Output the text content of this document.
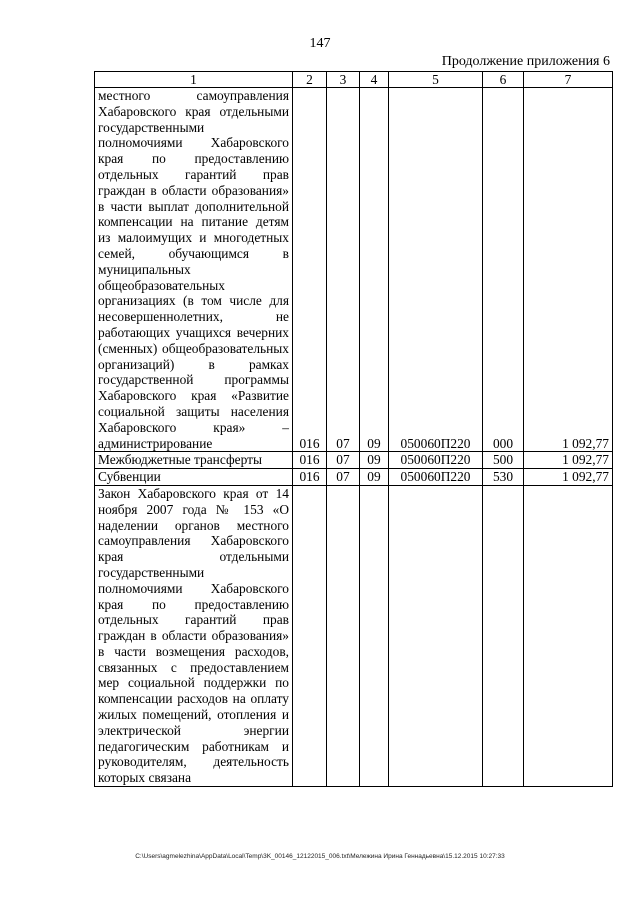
147
Продолжение приложения 6
1	2	3	4	5	6	7
местного самоуправления Хабаровского края отдельными государственными полномочиями Хабаровского края по предоставлению отдельных гарантий прав граждан в области образования» в части выплат дополнительной компенсации на питание детям из малоимущих и многодетных семей, обучающимся в муниципальных общеобразовательных организациях (в том числе для несовершеннолетних, не работающих учащихся вечерних (сменных) общеобразовательных организаций) в рамках государственной программы Хабаровского края «Развитие социальной защиты населения Хабаровского края» – администрирование	016	07	09	050060П220	000	1 092,77
Межбюджетные трансферты	016	07	09	050060П220	500	1 092,77
Субвенции	016	07	09	050060П220	530	1 092,77
Закон Хабаровского края от 14 ноября 2007 года № 153 «О наделении органов местного самоуправления Хабаровского края отдельными государственными полномочиями Хабаровского края по предоставлению отдельных гарантий прав граждан в области образования» в части возмещения расходов, связанных с предоставлением мер социальной поддержки по компенсации расходов на оплату жилых помещений, отопления и электрической энергии педагогическим работникам и руководителям, деятельность которых связана						
C:\Users\agmelezhina\AppData\Local\Temp\3K_00146_12122015_006.txt\Мележина Ирина Геннадьевна\15.12.2015 10:27:33
